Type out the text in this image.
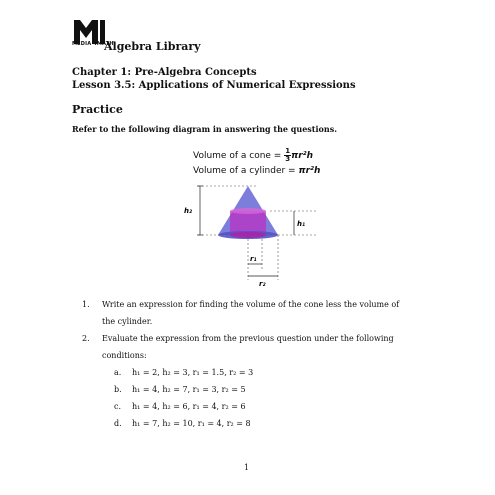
MEDIA 4MATH
Algebra Library
Chapter 1: Pre-Algebra Concepts
Lesson 3.5: Applications of Numerical Expressions
Practice
Refer to the following diagram in answering the questions.
Volume of a cone = $\frac{1}{3} \pi r^2h$
Volume of a cylinder = πr²h
h₂
h₁
r₁
r₂
1. Write an expression for finding the volume of the cone less the volume of
the cylinder.
2. Evaluate the expression from the previous question under the following
conditions:
a. h₁ = 2, h₂ = 3, r₁ = 1.5, r₂ = 3
b. h₁ = 4, h₂ = 7, r₁ = 3, r₂ = 5
c. h₁ = 4, h₂ = 6, r₁ = 4, r₂ = 6
d. h₁ = 7, h₂ = 10, r₁ = 4, r₂ = 8
1
